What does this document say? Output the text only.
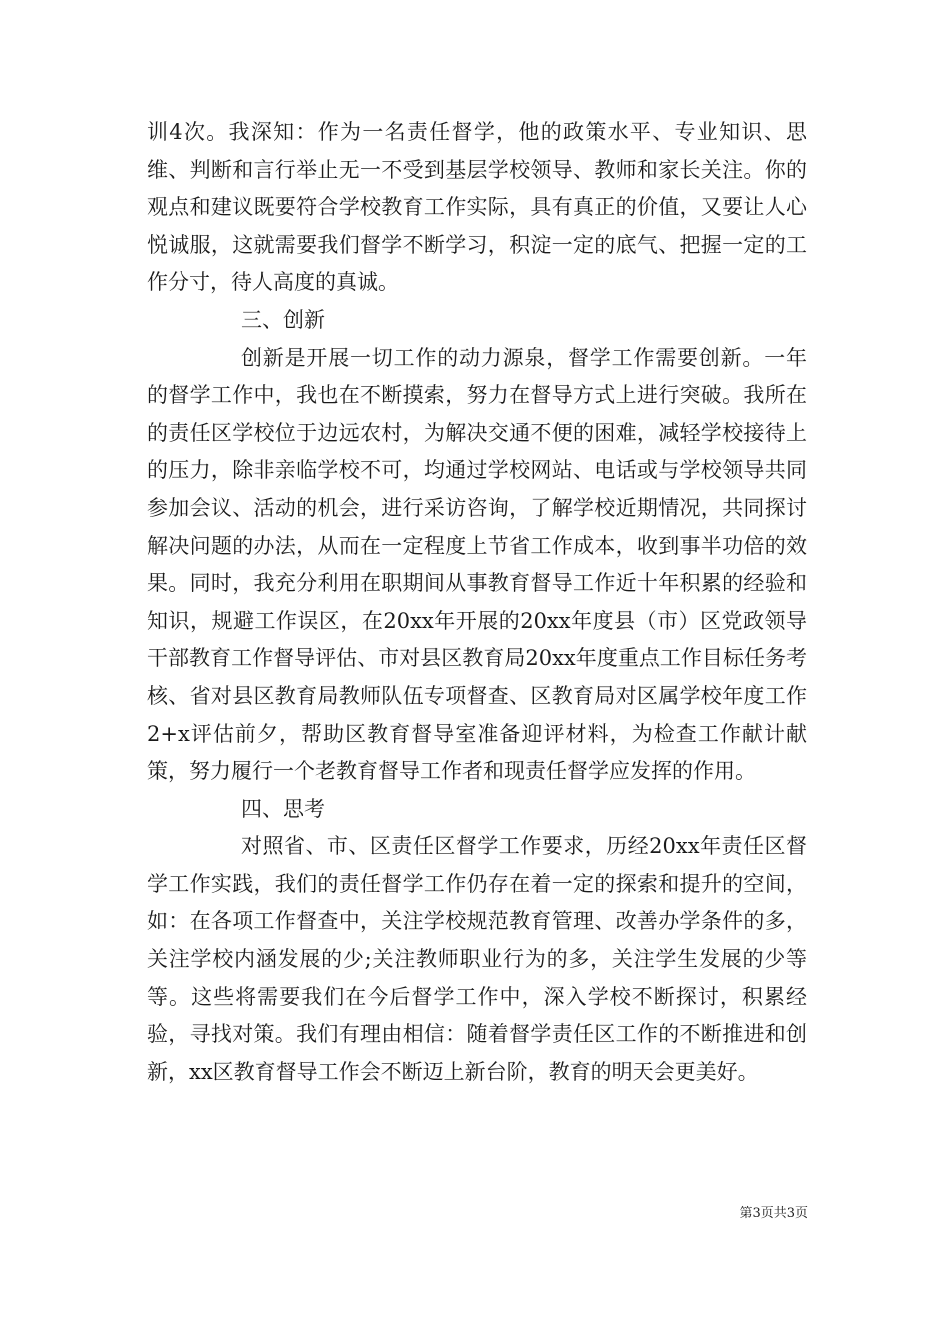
训4次。我深知：作为一名责任督学，他的政策水平、专业知识、思维、判断和言行举止无一不受到基层学校领导、教师和家长关注。你的观点和建议既要符合学校教育工作实际，具有真正的价值，又要让人心悦诚服，这就需要我们督学不断学习，积淀一定的底气、把握一定的工作分寸，待人高度的真诚。

三、创新

创新是开展一切工作的动力源泉，督学工作需要创新。一年的督学工作中，我也在不断摸索，努力在督导方式上进行突破。我所在的责任区学校位于边远农村，为解决交通不便的困难，减轻学校接待上的压力，除非亲临学校不可，均通过学校网站、电话或与学校领导共同参加会议、活动的机会，进行采访咨询，了解学校近期情况，共同探讨解决问题的办法，从而在一定程度上节省工作成本，收到事半功倍的效果。同时，我充分利用在职期间从事教育督导工作近十年积累的经验和知识，规避工作误区，在20xx年开展的20xx年度县（市）区党政领导干部教育工作督导评估、市对县区教育局20xx年度重点工作目标任务考核、省对县区教育局教师队伍专项督查、区教育局对区属学校年度工作2+x评估前夕，帮助区教育督导室准备迎评材料，为检查工作献计献策，努力履行一个老教育督导工作者和现责任督学应发挥的作用。

四、思考

对照省、市、区责任区督学工作要求，历经20xx年责任区督学工作实践，我们的责任督学工作仍存在着一定的探索和提升的空间，如：在各项工作督查中，关注学校规范教育管理、改善办学条件的多，关注学校内涵发展的少;关注教师职业行为的多，关注学生发展的少等等。这些将需要我们在今后督学工作中，深入学校不断探讨，积累经验，寻找对策。我们有理由相信：随着督学责任区工作的不断推进和创新，xx区教育督导工作会不断迈上新台阶，教育的明天会更美好。

第3页共3页
